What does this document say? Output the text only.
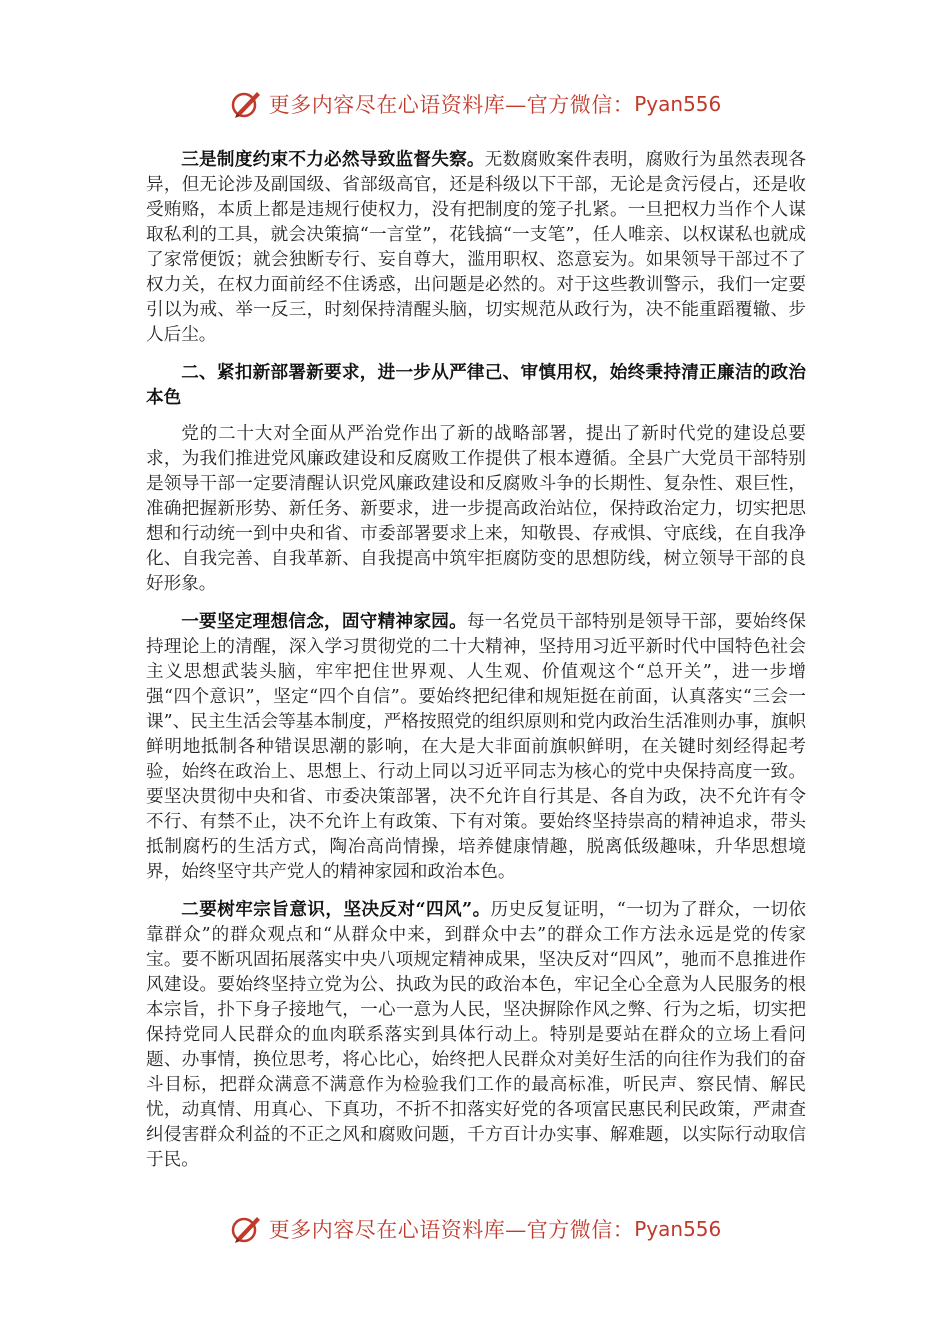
更多内容尽在心语资料库—官方微信： Pyan556

三是制度约束不力必然导致监督失察。无数腐败案件表明，腐败行为虽然表现各异，但无论涉及副国级、省部级高官，还是科级以下干部，无论是贪污侵占，还是收受贿赂，本质上都是违规行使权力，没有把制度的笼子扎紧。一旦把权力当作个人谋取私利的工具，就会决策搞“一言堂”，花钱搞“一支笔”，任人唯亲、以权谋私也就成了家常便饭；就会独断专行、妄自尊大，滥用职权、恣意妄为。如果领导干部过不了权力关，在权力面前经不住诱惑，出问题是必然的。对于这些教训警示，我们一定要引以为戒、举一反三，时刻保持清醒头脑，切实规范从政行为，决不能重蹈覆辙、步人后尘。

二、紧扣新部署新要求，进一步从严律己、审慎用权，始终秉持清正廉洁的政治本色

党的二十大对全面从严治党作出了新的战略部署，提出了新时代党的建设总要求，为我们推进党风廉政建设和反腐败工作提供了根本遵循。全县广大党员干部特别是领导干部一定要清醒认识党风廉政建设和反腐败斗争的长期性、复杂性、艰巨性，准确把握新形势、新任务、新要求，进一步提高政治站位，保持政治定力，切实把思想和行动统一到中央和省、市委部署要求上来，知敬畏、存戒惧、守底线，在自我净化、自我完善、自我革新、自我提高中筑牢拒腐防变的思想防线，树立领导干部的良好形象。

一要坚定理想信念，固守精神家园。每一名党员干部特别是领导干部，要始终保持理论上的清醒，深入学习贯彻党的二十大精神，坚持用习近平新时代中国特色社会主义思想武装头脑，牢牢把住世界观、人生观、价值观这个“总开关”，进一步增强“四个意识”，坚定“四个自信”。要始终把纪律和规矩挺在前面，认真落实“三会一课”、民主生活会等基本制度，严格按照党的组织原则和党内政治生活准则办事，旗帜鲜明地抵制各种错误思潮的影响，在大是大非面前旗帜鲜明，在关键时刻经得起考验，始终在政治上、思想上、行动上同以习近平同志为核心的党中央保持高度一致。要坚决贯彻中央和省、市委决策部署，决不允许自行其是、各自为政，决不允许有令不行、有禁不止，决不允许上有政策、下有对策。要始终坚持崇高的精神追求，带头抵制腐朽的生活方式，陶冶高尚情操，培养健康情趣，脱离低级趣味，升华思想境界，始终坚守共产党人的精神家园和政治本色。

二要树牢宗旨意识，坚决反对“四风”。历史反复证明，“一切为了群众，一切依靠群众”的群众观点和“从群众中来，到群众中去”的群众工作方法永远是党的传家宝。要不断巩固拓展落实中央八项规定精神成果，坚决反对“四风”，驰而不息推进作风建设。要始终坚持立党为公、执政为民的政治本色，牢记全心全意为人民服务的根本宗旨，扑下身子接地气，一心一意为人民，坚决摒除作风之弊、行为之垢，切实把保持党同人民群众的血肉联系落实到具体行动上。特别是要站在群众的立场上看问题、办事情，换位思考，将心比心，始终把人民群众对美好生活的向往作为我们的奋斗目标，把群众满意不满意作为检验我们工作的最高标准，听民声、察民情、解民忧，动真情、用真心、下真功，不折不扣落实好党的各项富民惠民利民政策，严肃查纠侵害群众利益的不正之风和腐败问题，千方百计办实事、解难题，以实际行动取信于民。

更多内容尽在心语资料库—官方微信： Pyan556
